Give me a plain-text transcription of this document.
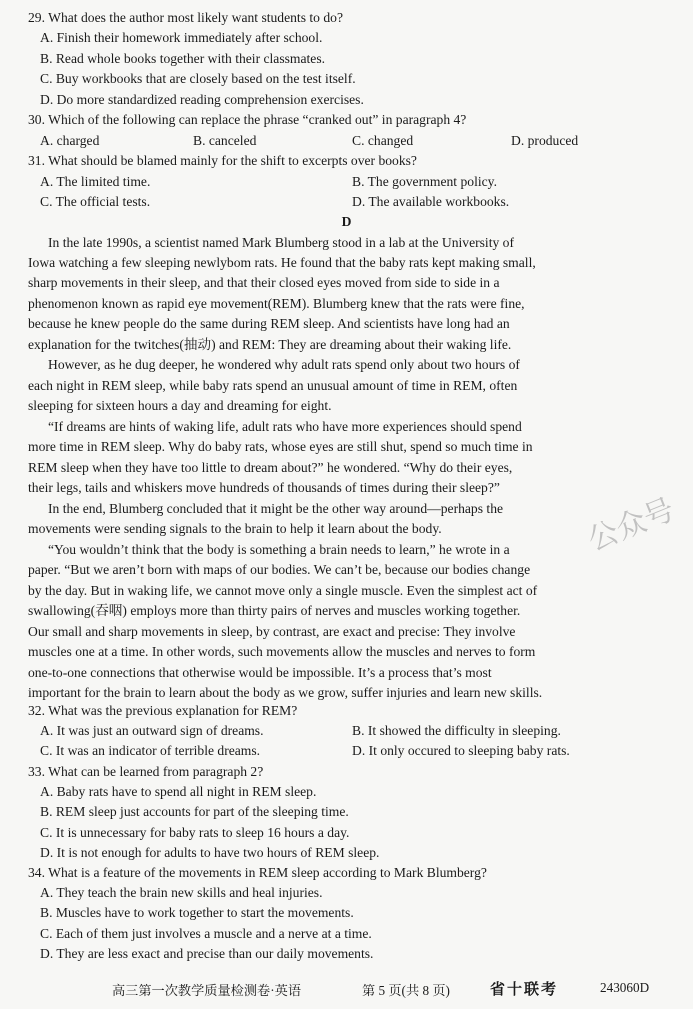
29. What does the author most likely want students to do?
A. Finish their homework immediately after school.
B. Read whole books together with their classmates.
C. Buy workbooks that are closely based on the test itself.
D. Do more standardized reading comprehension exercises.
30. Which of the following can replace the phrase “cranked out” in paragraph 4?
A. charged	B. canceled	C. changed	D. produced
31. What should be blamed mainly for the shift to excerpts over books?
A. The limited time.	B. The government policy.
C. The official tests.	D. The available workbooks.
D
In the late 1990s, a scientist named Mark Blumberg stood in a lab at the University of
Iowa watching a few sleeping newlybom rats. He found that the baby rats kept making small,
sharp movements in their sleep, and that their closed eyes moved from side to side in a
phenomenon known as rapid eye movement(REM). Blumberg knew that the rats were fine,
because he knew people do the same during REM sleep. And scientists have long had an
explanation for the twitches(抽动) and REM: They are dreaming about their waking life.
However, as he dug deeper, he wondered why adult rats spend only about two hours of
each night in REM sleep, while baby rats spend an unusual amount of time in REM, often
sleeping for sixteen hours a day and dreaming for eight.
“If dreams are hints of waking life, adult rats who have more experiences should spend
more time in REM sleep. Why do baby rats, whose eyes are still shut, spend so much time in
REM sleep when they have too little to dream about?” he wondered. “Why do their eyes,
their legs, tails and whiskers move hundreds of thousands of times during their sleep?”
In the end, Blumberg concluded that it might be the other way around—perhaps the
movements were sending signals to the brain to help it learn about the body.
“You wouldn’t think that the body is something a brain needs to learn,” he wrote in a
paper. “But we aren’t born with maps of our bodies. We can’t be, because our bodies change
by the day. But in waking life, we cannot move only a single muscle. Even the simplest act of
swallowing(吞咽) employs more than thirty pairs of nerves and muscles working together.
Our small and sharp movements in sleep, by contrast, are exact and precise: They involve
muscles one at a time. In other words, such movements allow the muscles and nerves to form
one-to-one connections that otherwise would be impossible. It’s a process that’s most
important for the brain to learn about the body as we grow, suffer injuries and learn new skills.
32. What was the previous explanation for REM?
A. It was just an outward sign of dreams.	B. It showed the difficulty in sleeping.
C. It was an indicator of terrible dreams.	D. It only occured to sleeping baby rats.
33. What can be learned from paragraph 2?
A. Baby rats have to spend all night in REM sleep.
B. REM sleep just accounts for part of the sleeping time.
C. It is unnecessary for baby rats to sleep 16 hours a day.
D. It is not enough for adults to have two hours of REM sleep.
34. What is a feature of the movements in REM sleep according to Mark Blumberg?
A. They teach the brain new skills and heal injuries.
B. Muscles have to work together to start the movements.
C. Each of them just involves a muscle and a nerve at a time.
D. They are less exact and precise than our daily movements.
高三第一次教学质量检测卷·英语	第 5 页(共 8 页)	省十联考	243060D
公众号
